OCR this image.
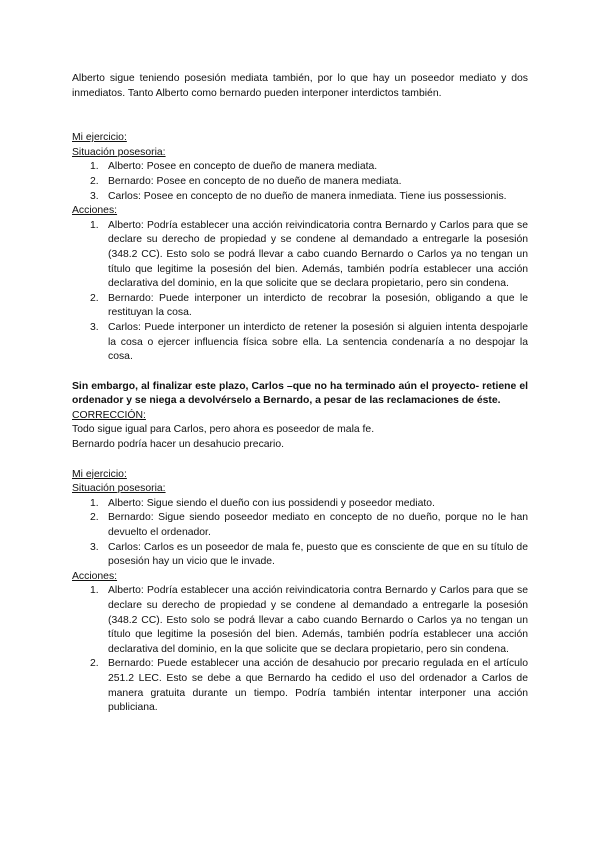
Alberto sigue teniendo posesión mediata también, por lo que hay un poseedor mediato y dos inmediatos. Tanto Alberto como bernardo pueden interponer interdictos también.

Mi ejercicio:

Situación posesoria:

1. Alberto: Posee en concepto de dueño de manera mediata.
2. Bernardo: Posee en concepto de no dueño de manera mediata.
3. Carlos: Posee en concepto de no dueño de manera inmediata. Tiene ius possessionis.

Acciones:

1. Alberto: Podría establecer una acción reivindicatoria contra Bernardo y Carlos para que se declare su derecho de propiedad y se condene al demandado a entregarle la posesión (348.2 CC). Esto solo se podrá llevar a cabo cuando Bernardo o Carlos ya no tengan un título que legitime la posesión del bien. Además, también podría establecer una acción declarativa del dominio, en la que solicite que se declara propietario, pero sin condena.
2. Bernardo: Puede interponer un interdicto de recobrar la posesión, obligando a que le restituyan la cosa.
3. Carlos: Puede interponer un interdicto de retener la posesión si alguien intenta despojarle la cosa o ejercer influencia física sobre ella. La sentencia condenaría a no despojar la cosa.

Sin embargo, al finalizar este plazo, Carlos –que no ha terminado aún el proyecto- retiene el ordenador y se niega a devolvérselo a Bernardo, a pesar de las reclamaciones de éste.

CORRECCIÓN:

Todo sigue igual para Carlos, pero ahora es poseedor de mala fe.

Bernardo podría hacer un desahucio precario.

Mi ejercicio:

Situación posesoria:

1. Alberto: Sigue siendo el dueño con ius possidendi y poseedor mediato.
2. Bernardo: Sigue siendo poseedor mediato en concepto de no dueño, porque no le han devuelto el ordenador.
3. Carlos: Carlos es un poseedor de mala fe, puesto que es consciente de que en su título de posesión hay un vicio que le invade.

Acciones:

1. Alberto: Podría establecer una acción reivindicatoria contra Bernardo y Carlos para que se declare su derecho de propiedad y se condene al demandado a entregarle la posesión (348.2 CC). Esto solo se podrá llevar a cabo cuando Bernardo o Carlos ya no tengan un título que legitime la posesión del bien. Además, también podría establecer una acción declarativa del dominio, en la que solicite que se declara propietario, pero sin condena.
2. Bernardo: Puede establecer una acción de desahucio por precario regulada en el artículo 251.2 LEC. Esto se debe a que Bernardo ha cedido el uso del ordenador a Carlos de manera gratuita durante un tiempo. Podría también intentar interponer una acción publiciana.
